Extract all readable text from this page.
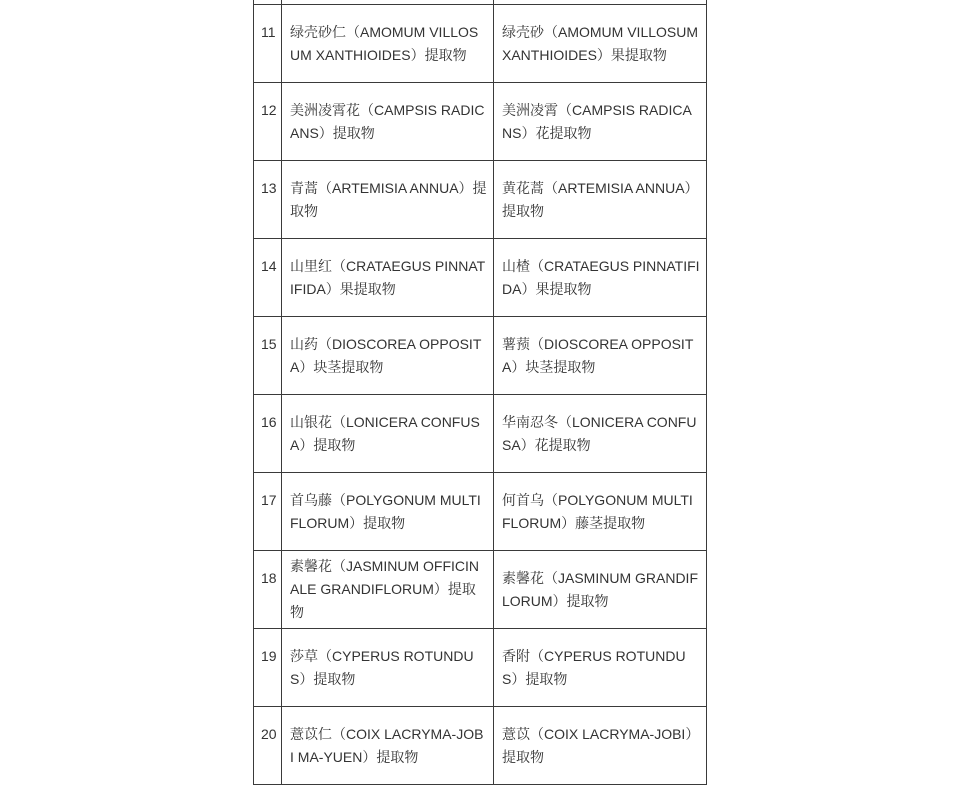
11	绿壳砂仁（AMOMUM VILLOSUM XANTHIOIDES）提取物
绿壳砂（AMOMUM VILLOSUM XANTHIOIDES）果提取物
12 美洲凌霄花（CAMPSIS RADICANS）提取物
美洲凌霄（CAMPSIS RADICANS）花提取物
13 青蒿（ARTEMISIA ANNUA）提取物
黄花蒿（ARTEMISIA ANNUA）提取物
14 山里红（CRATAEGUS PINNATIFIDA）果提取物
山楂（CRATAEGUS PINNATIFIDA）果提取物
15 山药（DIOSCOREA OPPOSITA）块茎提取物
薯蓣（DIOSCOREA OPPOSITA）块茎提取物
16 山银花（LONICERA CONFUSA）提取物
华南忍冬（LONICERA CONFUSA）花提取物
17 首乌藤（POLYGONUM MULTIFLORUM）提取物
何首乌（POLYGONUM MULTIFLORUM）藤茎提取物
18
素馨花（JASMINUM OFFICINALE GRANDIFLORUM）提取物
素馨花（JASMINUM GRANDIFLORUM）提取物
19 莎草（CYPERUS ROTUNDUS）提取物
香附（CYPERUS ROTUNDUS）提取物
20 薏苡仁（COIX LACRYMA-JOBI MA-YUEN）提取物
薏苡（COIX LACRYMA-JOBI）提取物
